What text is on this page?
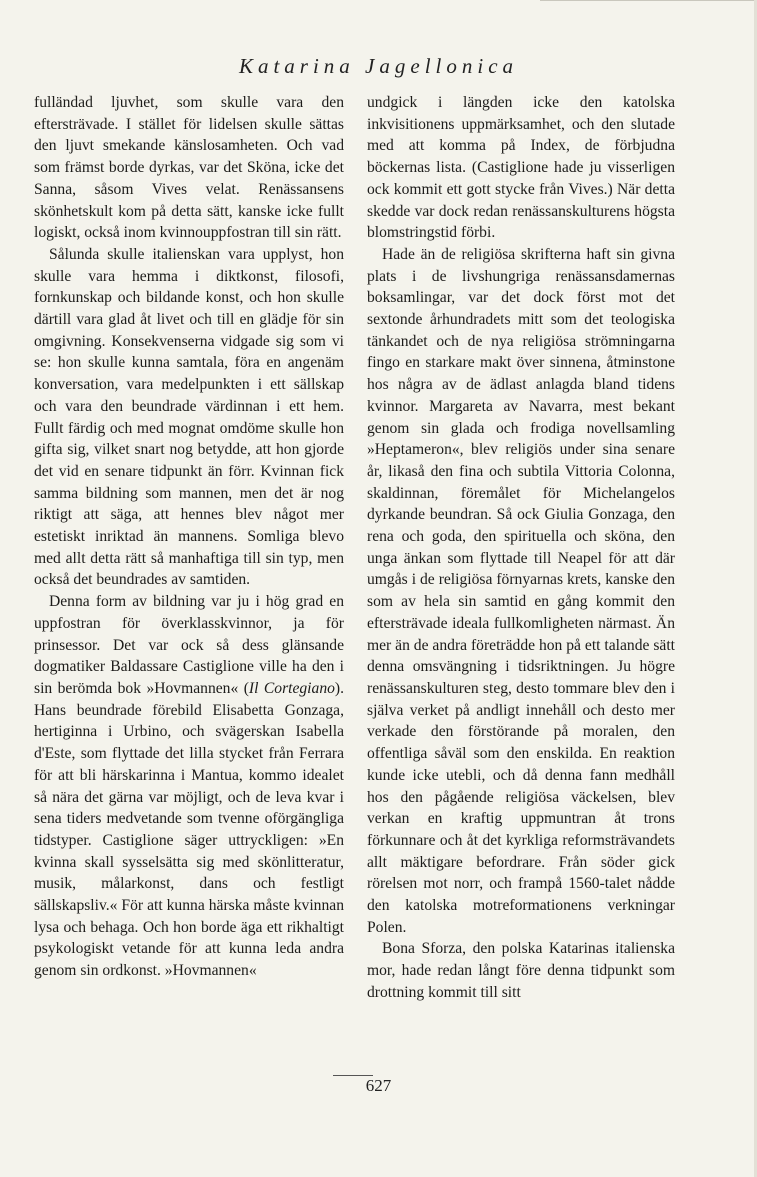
Katarina Jagellonica

fulländad ljuvhet, som skulle vara den eftersträvade. I stället för lidelsen skulle sättas den ljuvt smekande känslosamheten. Och vad som främst borde dyrkas, var det Sköna, icke det Sanna, såsom Vives velat. Renässansens skönhetskult kom på detta sätt, kanske icke fullt logiskt, också inom kvinnouppfostran till sin rätt.

Sålunda skulle italienskan vara upplyst, hon skulle vara hemma i diktkonst, filosofi, fornkunskap och bildande konst, och hon skulle därtill vara glad åt livet och till en glädje för sin omgivning. Konsekvenserna vidgade sig som vi se: hon skulle kunna samtala, föra en angenäm konversation, vara medelpunkten i ett sällskap och vara den beundrade värdinnan i ett hem. Fullt färdig och med mognat omdöme skulle hon gifta sig, vilket snart nog betydde, att hon gjorde det vid en senare tidpunkt än förr. Kvinnan fick samma bildning som mannen, men det är nog riktigt att säga, att hennes blev något mer estetiskt inriktad än mannens. Somliga blevo med allt detta rätt så manhaftiga till sin typ, men också det beundrades av samtiden.

Denna form av bildning var ju i hög grad en uppfostran för överklasskvinnor, ja för prinsessor. Det var ock så dess glänsande dogmatiker Baldassare Castiglione ville ha den i sin berömda bok »Hovmannen« (Il Cortegiano). Hans beundrade förebild Elisabetta Gonzaga, hertiginna i Urbino, och svägerskan Isabella d'Este, som flyttade det lilla stycket från Ferrara för att bli härskarinna i Mantua, kommo idealet så nära det gärna var möjligt, och de leva kvar i sena tiders medvetande som tvenne oförgängliga tidstyper. Castiglione säger uttryckligen: »En kvinna skall sysselsätta sig med skönlitteratur, musik, målarkonst, dans och festligt sällskapsliv.« För att kunna härska måste kvinnan lysa och behaga. Och hon borde äga ett rikhaltigt psykologiskt vetande för att kunna leda andra genom sin ordkonst. »Hovmannen«

undgick i längden icke den katolska inkvisitionens uppmärksamhet, och den slutade med att komma på Index, de förbjudna böckernas lista. (Castiglione hade ju visserligen ock kommit ett gott stycke från Vives.) När detta skedde var dock redan renässanskulturens högsta blomstringstid förbi.

Hade än de religiösa skrifterna haft sin givna plats i de livshungriga renässansdamernas boksamlingar, var det dock först mot det sextonde århundradets mitt som det teologiska tänkandet och de nya religiösa strömningarna fingo en starkare makt över sinnena, åtminstone hos några av de ädlast anlagda bland tidens kvinnor. Margareta av Navarra, mest bekant genom sin glada och frodiga novellsamling »Heptameron«, blev religiös under sina senare år, likaså den fina och subtila Vittoria Colonna, skaldinnan, föremålet för Michelangelos dyrkande beundran. Så ock Giulia Gonzaga, den rena och goda, den spirituella och sköna, den unga änkan som flyttade till Neapel för att där umgås i de religiösa förnyarnas krets, kanske den som av hela sin samtid en gång kommit den eftersträvade ideala fullkomligheten närmast. Än mer än de andra företrädde hon på ett talande sätt denna omsvängning i tidsriktningen. Ju högre renässanskulturen steg, desto tommare blev den i själva verket på andligt innehåll och desto mer verkade den förstörande på moralen, den offentliga såväl som den enskilda. En reaktion kunde icke utebli, och då denna fann medhåll hos den pågående religiösa väckelsen, blev verkan en kraftig uppmuntran åt trons förkunnare och åt det kyrkliga reformsträvandets allt mäktigare befordrare. Från söder gick rörelsen mot norr, och frampå 1560-talet nådde den katolska motreformationens verkningar Polen.

Bona Sforza, den polska Katarinas italienska mor, hade redan långt före denna tidpunkt som drottning kommit till sitt

627
